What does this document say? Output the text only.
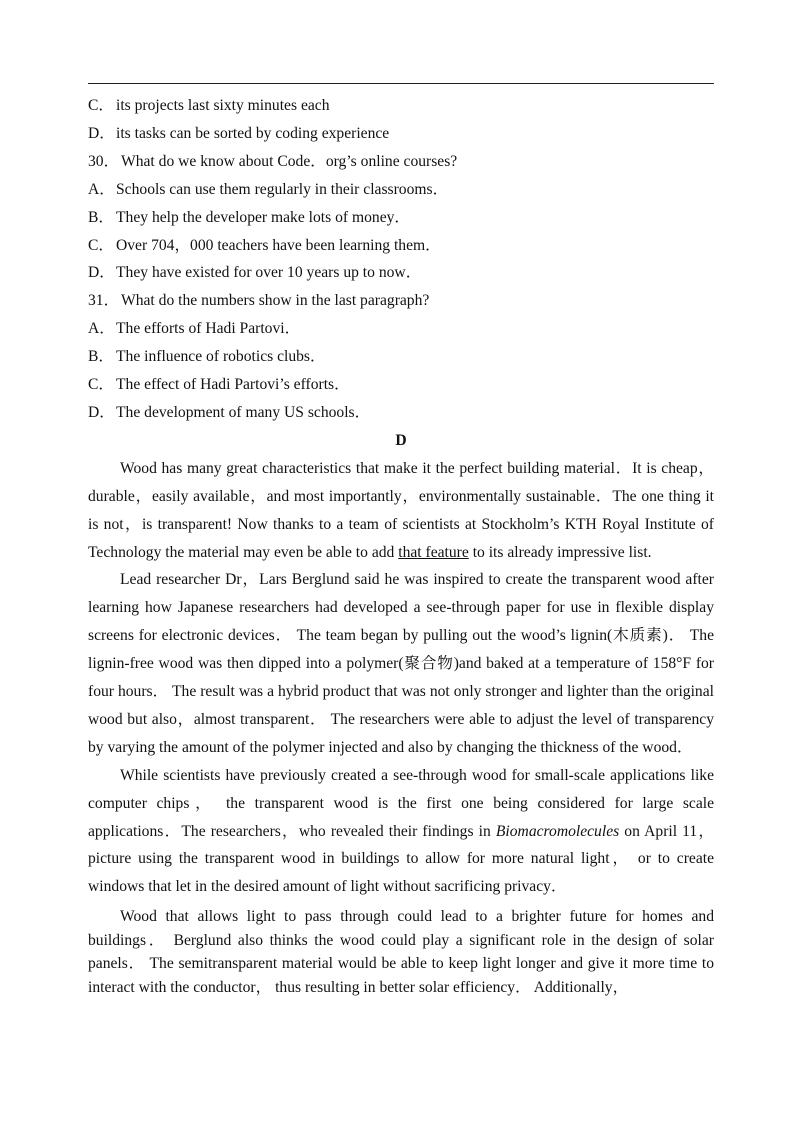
C． its projects last sixty minutes each
D．its tasks can be sorted by coding experience
30． What do we know about Code．org’s online courses?
A．Schools can use them regularly in their classrooms．
B． They help the developer make lots of money．
C． Over 704，000 teachers have been learning them．
D．They have existed for over 10 years up to now．
31． What do the numbers show in the last paragraph?
A．The efforts of Hadi Partovi．
B． The influence of robotics clubs．
C． The effect of Hadi Partovi’s efforts．
D．The development of many US schools．
D

Wood has many great characteristics that make it the perfect building material．It is cheap，durable，easily available，and most importantly，environmentally sustainable．The one thing it is not，is transparent! Now thanks to a team of scientists at Stockholm’s KTH Royal Institute of Technology the material may even be able to add that feature to its already impressive list.

Lead researcher Dr，Lars Berglund said he was inspired to create the transparent wood after learning how Japanese researchers had developed a see-through paper for use in flexible display screens for electronic devices． The team began by pulling out the wood’s lignin(木质素)． The lignin-free wood was then dipped into a polymer(聚合物)and baked at a temperature of 158°F for four hours． The result was a hybrid product that was not only stronger and lighter than the original wood but also，almost transparent． The researchers were able to adjust the level of transparency by varying the amount of the polymer injected and also by changing the thickness of the wood．

While scientists have previously created a see-through wood for small-scale applications like computer chips， the transparent wood is the first one being considered for large scale applications．The researchers，who revealed their findings in Biomacromolecules on April 11，picture using the transparent wood in buildings to allow for more natural light， or to create windows that let in the desired amount of light without sacrificing privacy．

Wood that allows light to pass through could lead to a brighter future for homes and buildings． Berglund also thinks the wood could play a significant role in the design of solar panels． The semitransparent material would be able to keep light longer and give it more time to interact with the conductor， thus resulting in better solar efficiency． Additionally，
